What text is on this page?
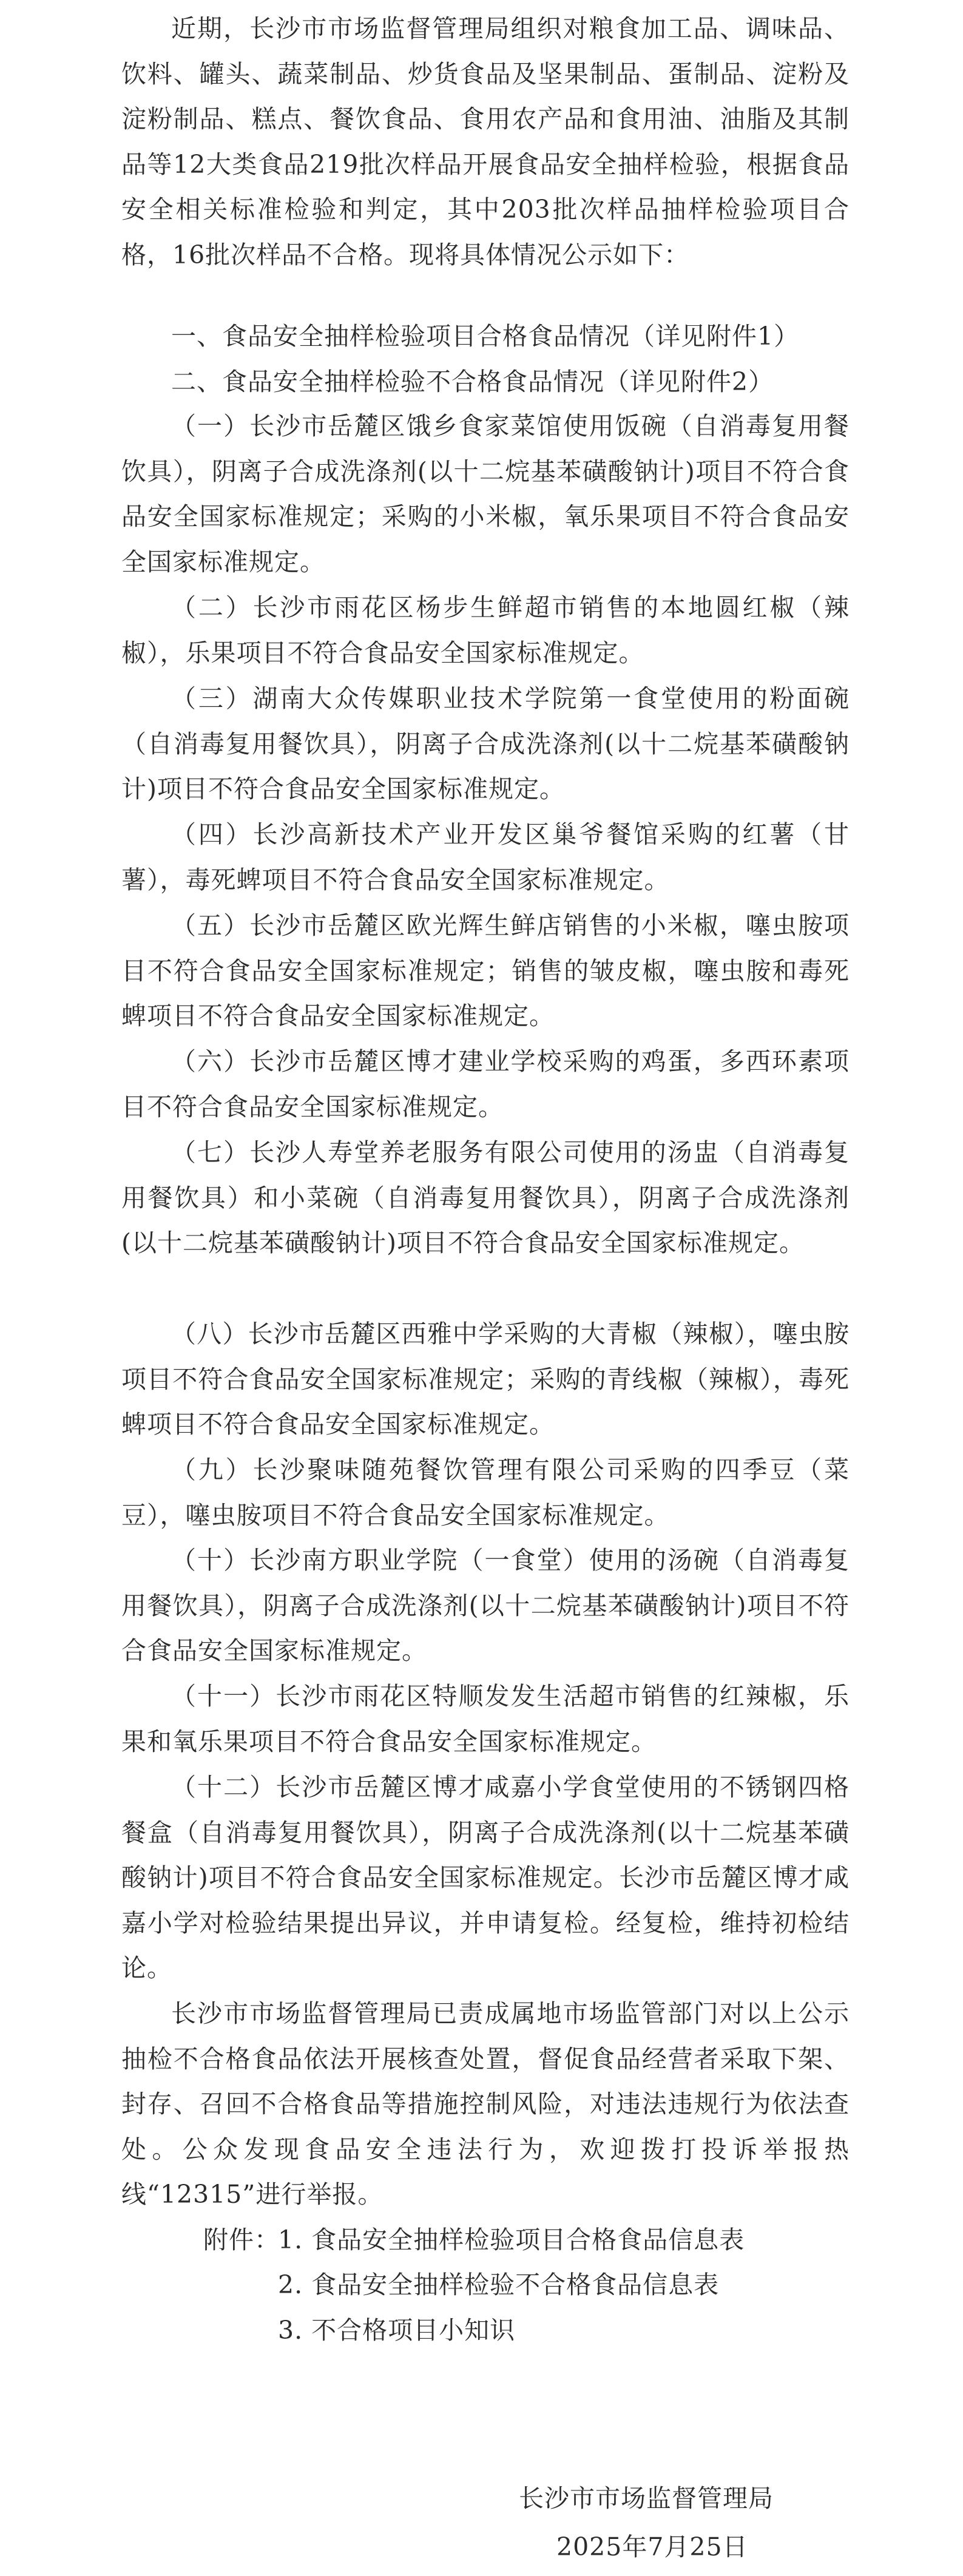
近期，长沙市市场监督管理局组织对粮食加工品、调味品、饮料、罐头、蔬菜制品、炒货食品及坚果制品、蛋制品、淀粉及淀粉制品、糕点、餐饮食品、食用农产品和食用油、油脂及其制品等12大类食品219批次样品开展食品安全抽样检验，根据食品安全相关标准检验和判定，其中203批次样品抽样检验项目合格，16批次样品不合格。现将具体情况公示如下：

一、食品安全抽样检验项目合格食品情况（详见附件1）

二、食品安全抽样检验不合格食品情况（详见附件2）

（一）长沙市岳麓区饿乡食家菜馆使用饭碗（自消毒复用餐饮具），阴离子合成洗涤剂(以十二烷基苯磺酸钠计)项目不符合食品安全国家标准规定；采购的小米椒，氧乐果项目不符合食品安全国家标准规定。

（二）长沙市雨花区杨步生鲜超市销售的本地圆红椒（辣椒），乐果项目不符合食品安全国家标准规定。

（三）湖南大众传媒职业技术学院第一食堂使用的粉面碗（自消毒复用餐饮具），阴离子合成洗涤剂(以十二烷基苯磺酸钠计)项目不符合食品安全国家标准规定。

（四）长沙高新技术产业开发区巢爷餐馆采购的红薯（甘薯），毒死蜱项目不符合食品安全国家标准规定。

（五）长沙市岳麓区欧光辉生鲜店销售的小米椒，噻虫胺项目不符合食品安全国家标准规定；销售的皱皮椒，噻虫胺和毒死蜱项目不符合食品安全国家标准规定。

（六）长沙市岳麓区博才建业学校采购的鸡蛋，多西环素项目不符合食品安全国家标准规定。

（七）长沙人寿堂养老服务有限公司使用的汤盅（自消毒复用餐饮具）和小菜碗（自消毒复用餐饮具），阴离子合成洗涤剂(以十二烷基苯磺酸钠计)项目不符合食品安全国家标准规定。

（八）长沙市岳麓区西雅中学采购的大青椒（辣椒），噻虫胺项目不符合食品安全国家标准规定；采购的青线椒（辣椒），毒死蜱项目不符合食品安全国家标准规定。

（九）长沙聚味随苑餐饮管理有限公司采购的四季豆（菜豆），噻虫胺项目不符合食品安全国家标准规定。

（十）长沙南方职业学院（一食堂）使用的汤碗（自消毒复用餐饮具），阴离子合成洗涤剂(以十二烷基苯磺酸钠计)项目不符合食品安全国家标准规定。

（十一）长沙市雨花区特顺发发生活超市销售的红辣椒，乐果和氧乐果项目不符合食品安全国家标准规定。

（十二）长沙市岳麓区博才咸嘉小学食堂使用的不锈钢四格餐盒（自消毒复用餐饮具），阴离子合成洗涤剂(以十二烷基苯磺酸钠计)项目不符合食品安全国家标准规定。长沙市岳麓区博才咸嘉小学对检验结果提出异议，并申请复检。经复检，维持初检结论。

长沙市市场监督管理局已责成属地市场监管部门对以上公示抽检不合格食品依法开展核查处置，督促食品经营者采取下架、封存、召回不合格食品等措施控制风险，对违法违规行为依法查处。公众发现食品安全违法行为，欢迎拨打投诉举报热线“12315”进行举报。

附件：
1. 食品安全抽样检验项目合格食品信息表
2. 食品安全抽样检验不合格食品信息表
3. 不合格项目小知识
长沙市市场监督管理局
2025年7月25日
